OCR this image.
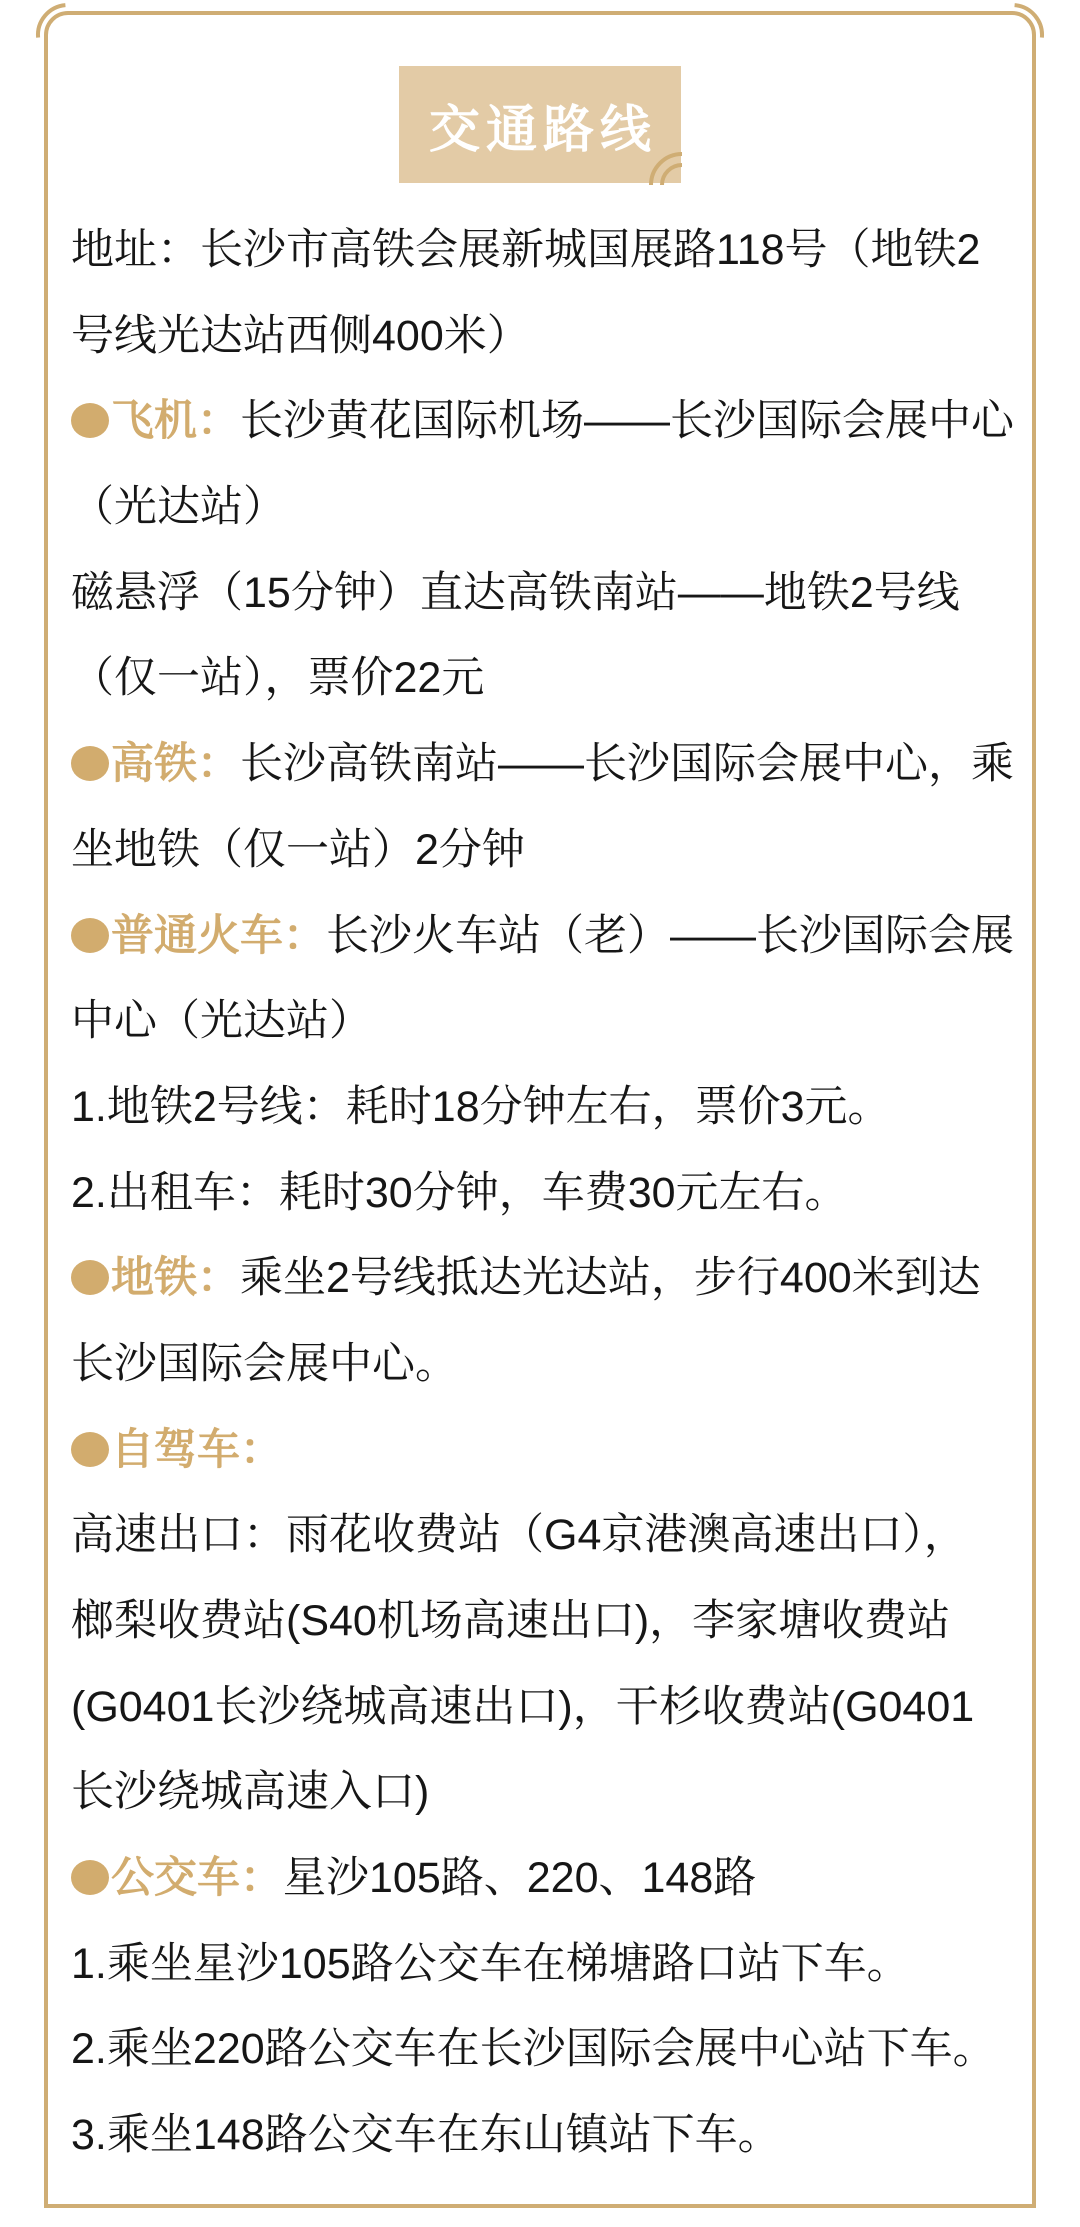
交通路线
地址：长沙市高铁会展新城国展路118号（地铁2
号线光达站西侧400米）
飞机：长沙黄花国际机场——长沙国际会展中心
（光达站）
磁悬浮（15分钟）直达高铁南站——地铁2号线
（仅一站），票价22元
高铁：长沙高铁南站——长沙国际会展中心，乘
坐地铁（仅一站）2分钟
普通火车：长沙火车站（老）——长沙国际会展
中心（光达站）
1.地铁2号线：耗时18分钟左右，票价3元。
2.出租车：耗时30分钟，车费30元左右。
地铁：乘坐2号线抵达光达站，步行400米到达
长沙国际会展中心。
自驾车：
高速出口：雨花收费站（G4京港澳高速出口），
榔梨收费站(S40机场高速出口)，李家塘收费站
(G0401长沙绕城高速出口)，干杉收费站(G0401
长沙绕城高速入口)
公交车：星沙105路、220、148路
1.乘坐星沙105路公交车在梯塘路口站下车。
2.乘坐220路公交车在长沙国际会展中心站下车。
3.乘坐148路公交车在东山镇站下车。
